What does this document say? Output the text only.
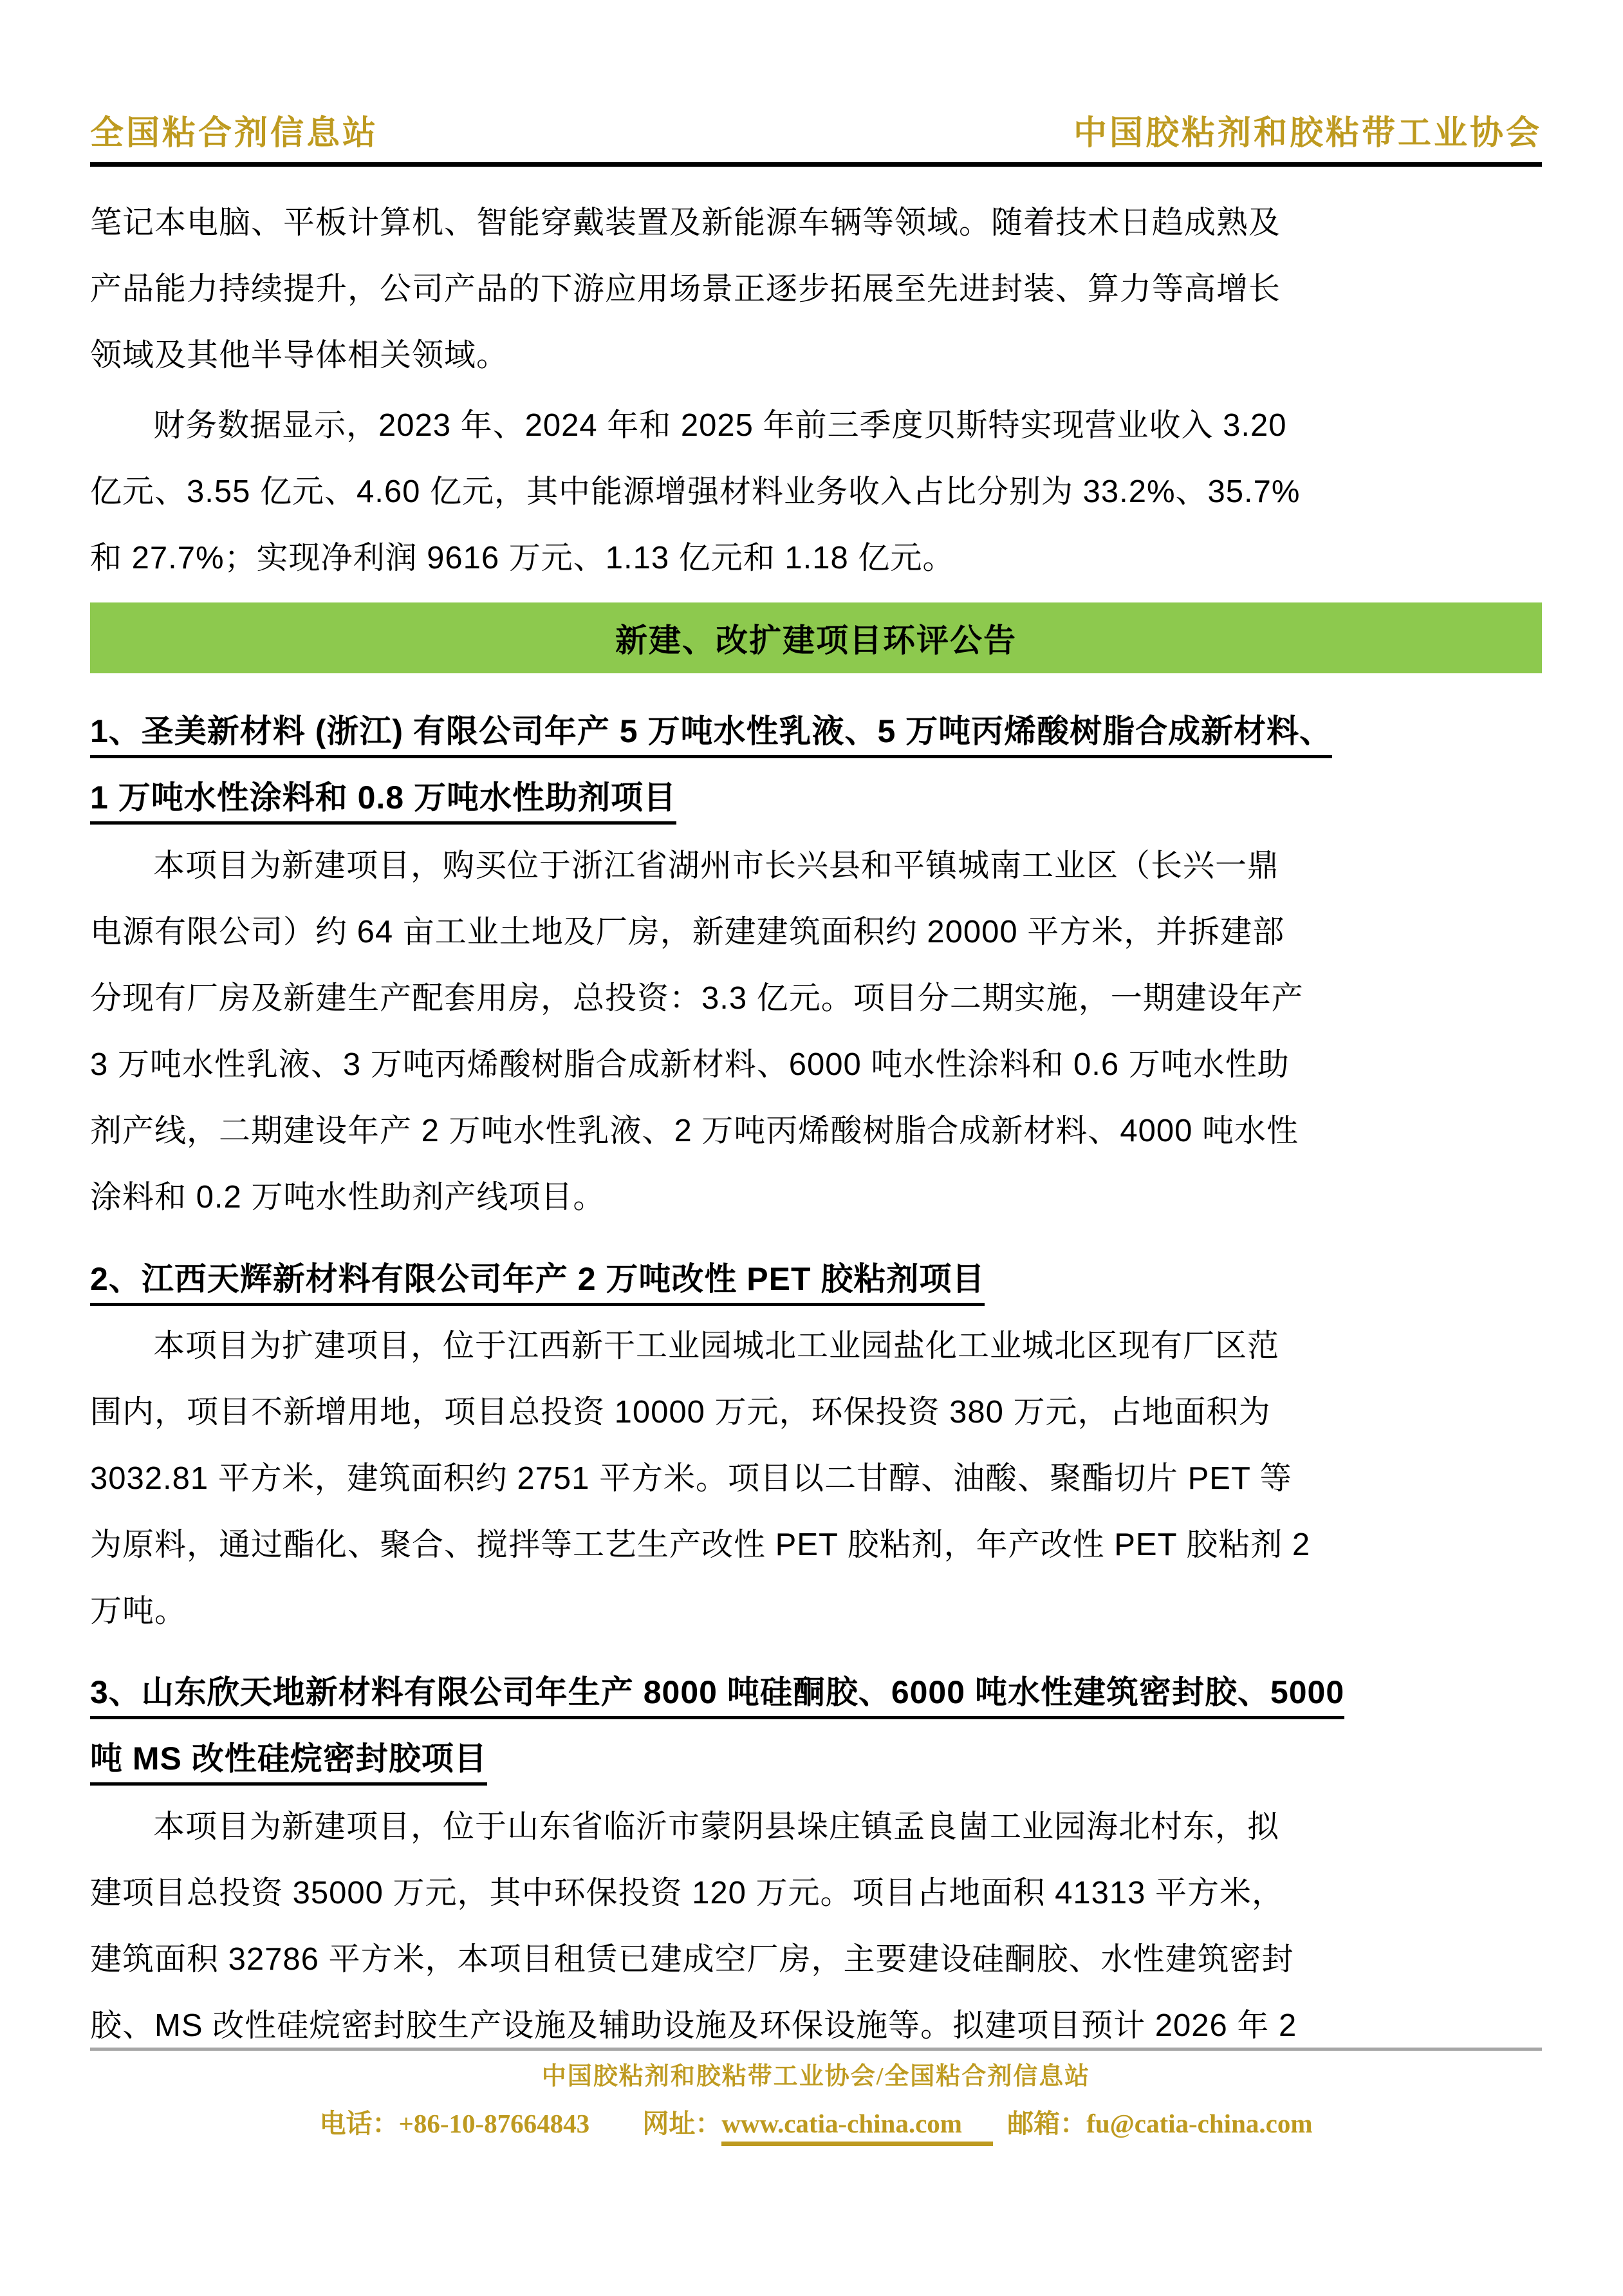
全国粘合剂信息站	中国胶粘剂和胶粘带工业协会
笔记本电脑、平板计算机、智能穿戴装置及新能源车辆等领域。随着技术日趋成熟及
产品能力持续提升，公司产品的下游应用场景正逐步拓展至先进封装、算力等高增长
领域及其他半导体相关领域。
财务数据显示，2023 年、2024 年和 2025 年前三季度贝斯特实现营业收入 3.20
亿元、3.55 亿元、4.60 亿元，其中能源增强材料业务收入占比分别为 33.2%、35.7%
和 27.7%；实现净利润 9616 万元、1.13 亿元和 1.18 亿元。
新建、改扩建项目环评公告
1、圣美新材料 (浙江) 有限公司年产 5 万吨水性乳液、5 万吨丙烯酸树脂合成新材料、
1 万吨水性涂料和 0.8 万吨水性助剂项目
本项目为新建项目，购买位于浙江省湖州市长兴县和平镇城南工业区（长兴一鼎
电源有限公司）约 64 亩工业土地及厂房，新建建筑面积约 20000 平方米，并拆建部
分现有厂房及新建生产配套用房，总投资：3.3 亿元。项目分二期实施，一期建设年产
3 万吨水性乳液、3 万吨丙烯酸树脂合成新材料、6000 吨水性涂料和 0.6 万吨水性助
剂产线，二期建设年产 2 万吨水性乳液、2 万吨丙烯酸树脂合成新材料、4000 吨水性
涂料和 0.2 万吨水性助剂产线项目。
2、江西天辉新材料有限公司年产 2 万吨改性 PET 胶粘剂项目
本项目为扩建项目，位于江西新干工业园城北工业园盐化工业城北区现有厂区范
围内，项目不新增用地，项目总投资 10000 万元，环保投资 380 万元，占地面积为
3032.81 平方米，建筑面积约 2751 平方米。项目以二甘醇、油酸、聚酯切片 PET 等
为原料，通过酯化、聚合、搅拌等工艺生产改性 PET 胶粘剂，年产改性 PET 胶粘剂 2
万吨。
3、山东欣天地新材料有限公司年生产 8000 吨硅酮胶、6000 吨水性建筑密封胶、5000
吨 MS 改性硅烷密封胶项目
本项目为新建项目，位于山东省临沂市蒙阴县垛庄镇孟良崮工业园海北村东，拟
建项目总投资 35000 万元，其中环保投资 120 万元。项目占地面积 41313 平方米，
建筑面积 32786 平方米，本项目租赁已建成空厂房，主要建设硅酮胶、水性建筑密封
胶、MS 改性硅烷密封胶生产设施及辅助设施及环保设施等。拟建项目预计 2026 年 2
中国胶粘剂和胶粘带工业协会/全国粘合剂信息站
电话：+86-10-87664843 网址：www.catia-china.com 邮箱：fu@catia-china.com
